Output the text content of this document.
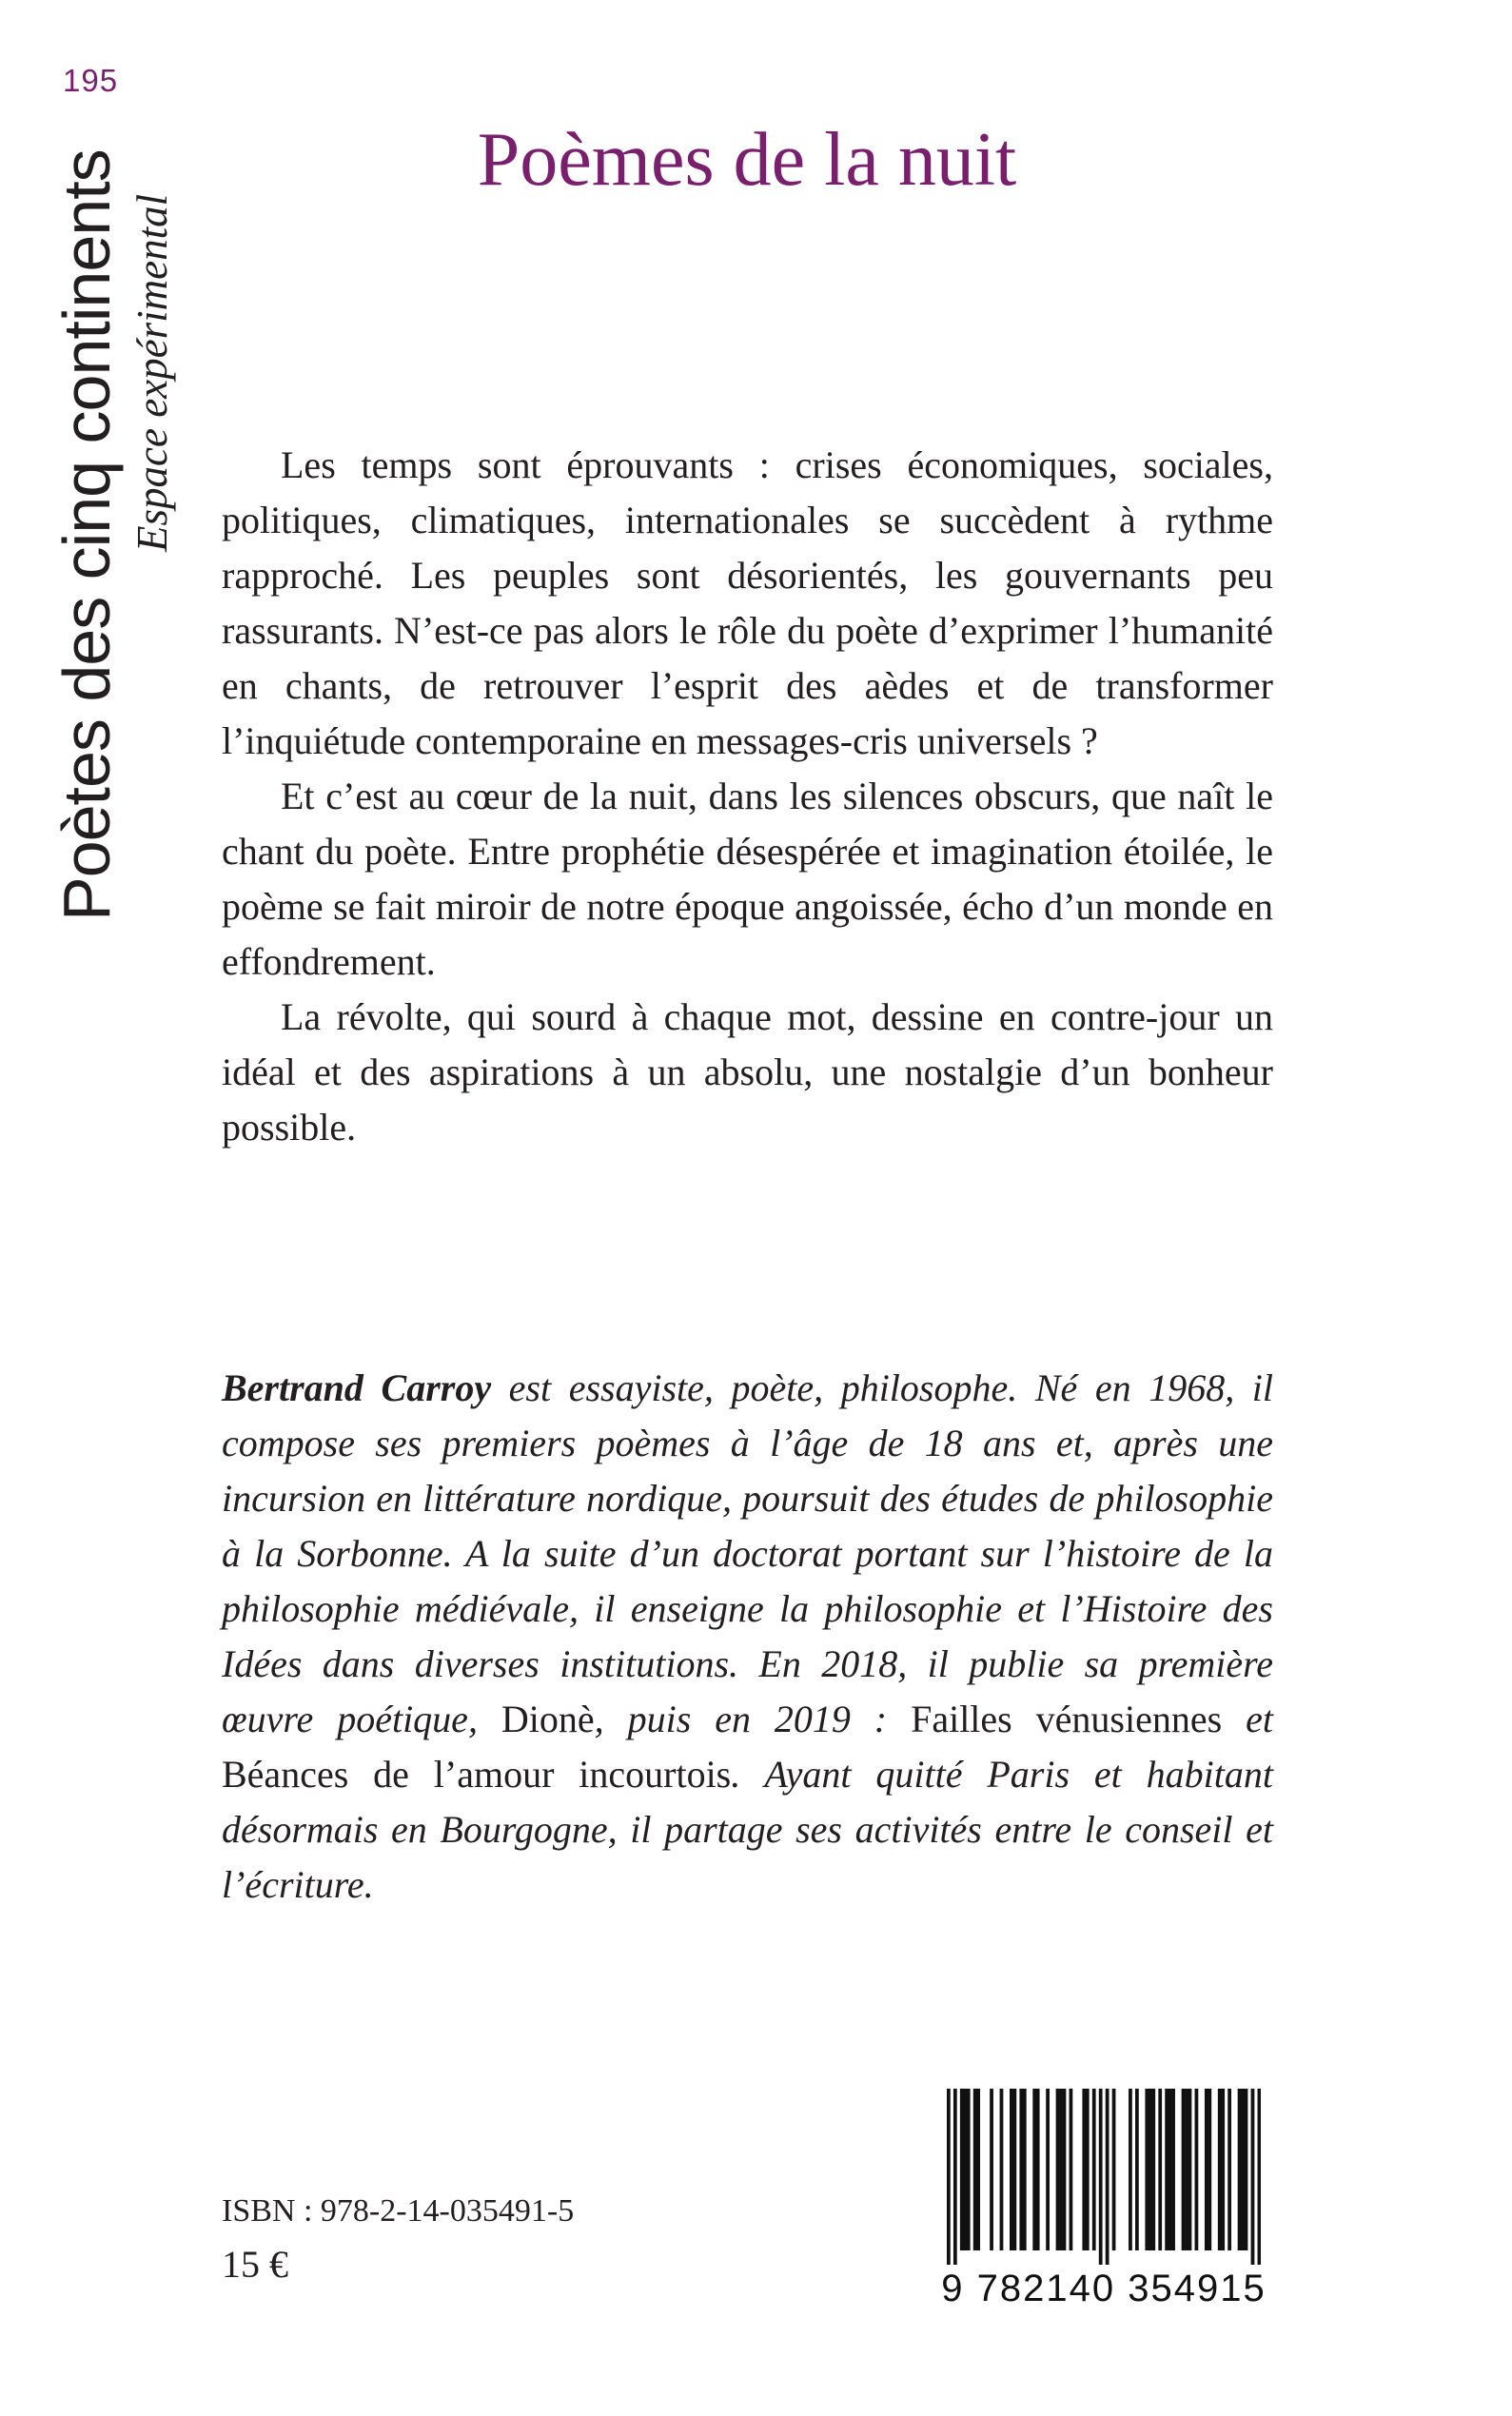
195
Poètes des cinq continents Espace expérimental
Poèmes de la nuit

Les temps sont éprouvants : crises économiques, sociales, politiques, climatiques, internationales se succèdent à rythme rapproché. Les peuples sont désorientés, les gouvernants peu rassurants. N’est-ce pas alors le rôle du poète d’exprimer l’humanité en chants, de retrouver l’esprit des aèdes et de transformer l’inquiétude contemporaine en messages-cris universels ?

Et c’est au cœur de la nuit, dans les silences obscurs, que naît le chant du poète. Entre prophétie désespérée et imagination étoilée, le poème se fait miroir de notre époque angoissée, écho d’un monde en effondrement.

La révolte, qui sourd à chaque mot, dessine en contre-jour un idéal et des aspirations à un absolu, une nostalgie d’un bonheur possible.

Bertrand Carroy est essayiste, poète, philosophe. Né en 1968, il compose ses premiers poèmes à l’âge de 18 ans et, après une incursion en littérature nordique, poursuit des études de philosophie à la Sorbonne. A la suite d’un doctorat portant sur l’histoire de la philosophie médiévale, il enseigne la philosophie et l’Histoire des Idées dans diverses institutions. En 2018, il publie sa première œuvre poétique, Dionè, puis en 2019 : Failles vénusiennes et Béances de l’amour incourtois. Ayant quitté Paris et habitant désormais en Bourgogne, il partage ses activités entre le conseil et l’écriture.

ISBN : 978-2-14-035491-5
15 €
9 782140 354915
